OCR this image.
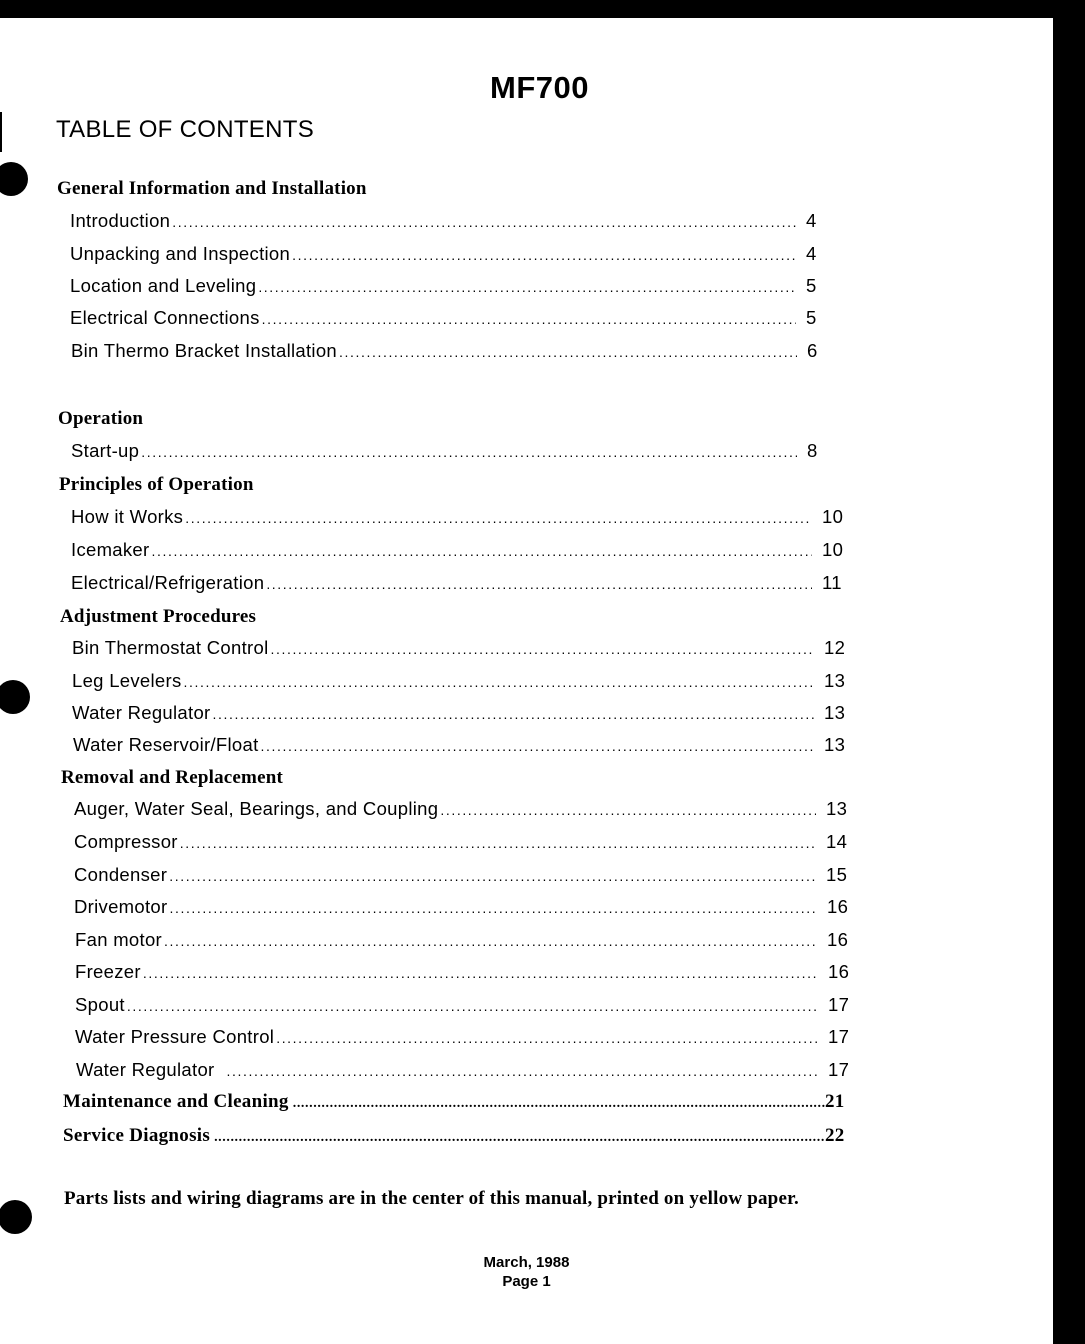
MF700
TABLE OF CONTENTS
General Information and Installation
Introduction .....	4
Unpacking and Inspection .....	4
Location and Leveling .....	5
Electrical Connections .....	5
Bin Thermo Bracket Installation .....	6
Operation
Start-up .....	8
Principles of Operation
How it Works .....	10
Icemaker .....	10
Electrical/Refrigeration .....	11
Adjustment Procedures
Bin Thermostat Control .....	12
Leg Levelers .....	13
Water Regulator .....	13
Water Reservoir/Float .....	13
Removal and Replacement
Auger, Water Seal, Bearings, and Coupling .....	13
Compressor .....	14
Condenser .....	15
Drivemotor .....	16
Fan motor .....	16
Freezer .....	16
Spout .....	17
Water Pressure Control .....	17
Water Regulator .....	17
Maintenance and Cleaning .....	21
Service Diagnosis .....	22
Parts lists and wiring diagrams are in the center of this manual, printed on yellow paper.
March, 1988
Page 1
